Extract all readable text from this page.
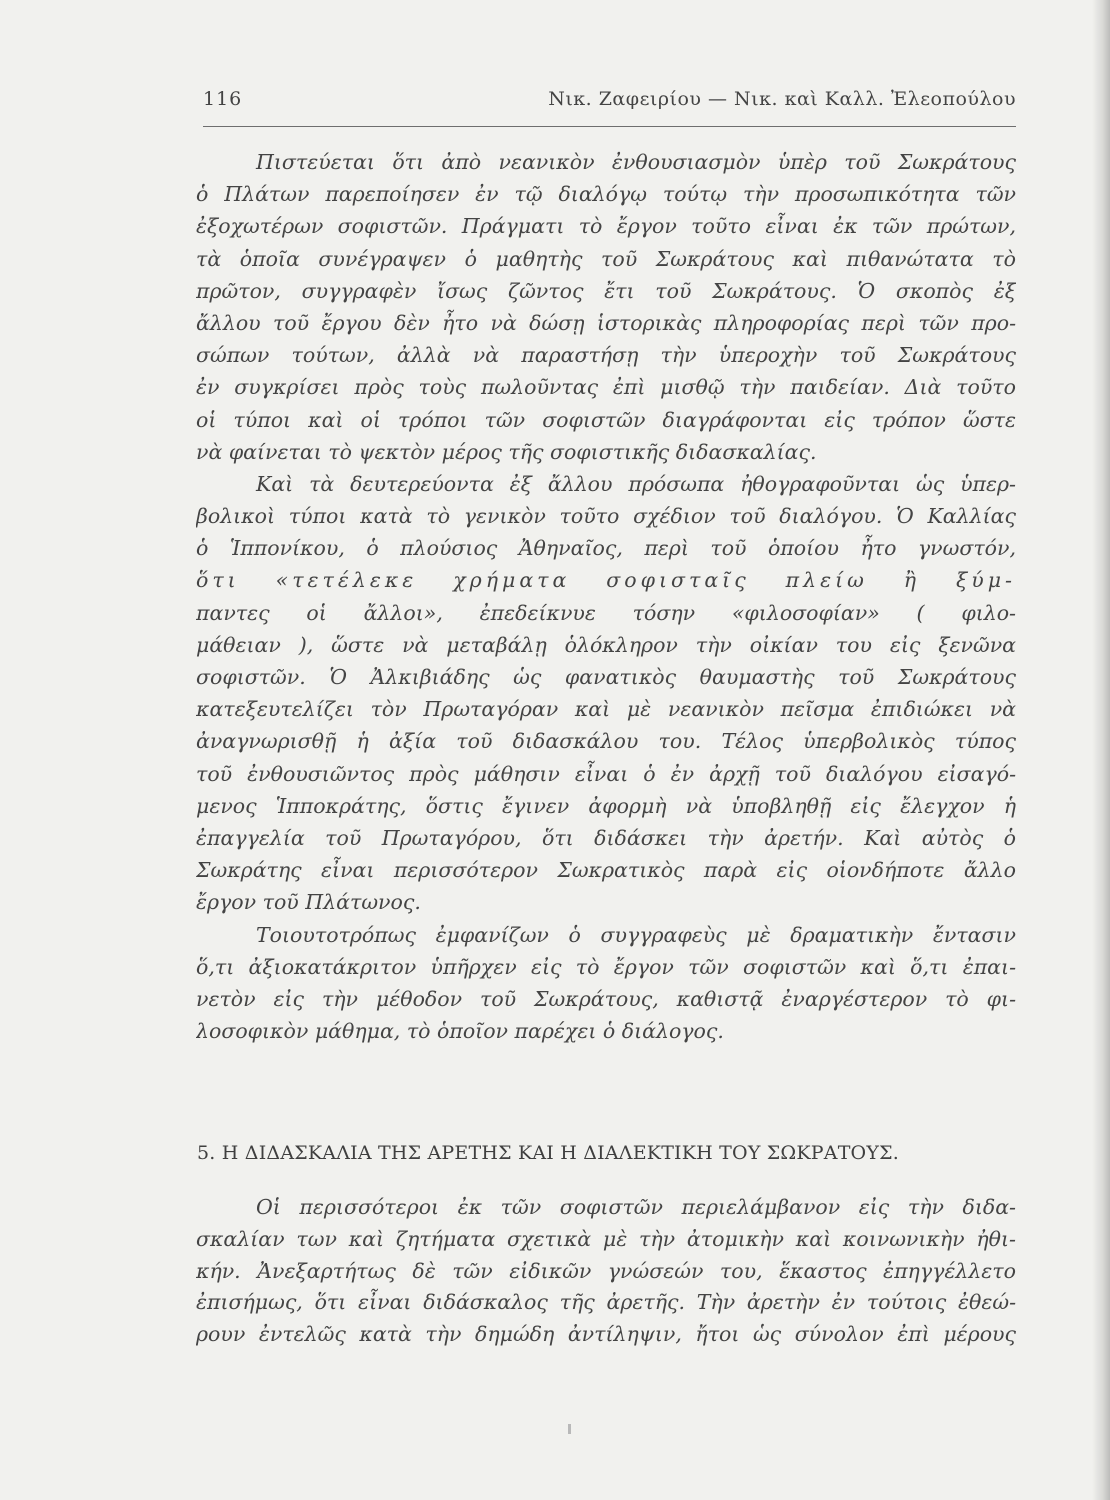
116	Νικ. Ζαφειρίου — Νικ. καὶ Καλλ. Ἐλεοπούλου
Πιστεύεται ὅτι ἀπὸ νεανικὸν ἐνθουσιασμὸν ὑπὲρ τοῦ Σωκράτους
ὁ Πλάτων παρεποίησεν ἐν τῷ διαλόγῳ τούτῳ τὴν προσωπικότητα τῶν
ἐξοχωτέρων σοφιστῶν. Πράγματι τὸ ἔργον τοῦτο εἶναι ἐκ τῶν πρώτων,
τὰ ὁποῖα συνέγραψεν ὁ μαθητὴς τοῦ Σωκράτους καὶ πιθανώτατα τὸ
πρῶτον, συγγραφὲν ἴσως ζῶντος ἔτι τοῦ Σωκράτους. Ὁ σκοπὸς ἐξ
ἄλλου τοῦ ἔργου δὲν ἦτο νὰ δώσῃ ἱστορικὰς πληροφορίας περὶ τῶν προ-
σώπων τούτων, ἀλλὰ νὰ παραστήσῃ τὴν ὑπεροχὴν τοῦ Σωκράτους
ἐν συγκρίσει πρὸς τοὺς πωλοῦντας ἐπὶ μισθῷ τὴν παιδείαν. Διὰ τοῦτο
οἱ τύποι καὶ οἱ τρόποι τῶν σοφιστῶν διαγράφονται εἰς τρόπον ὥστε
νὰ φαίνεται τὸ ψεκτὸν μέρος τῆς σοφιστικῆς διδασκαλίας.
Καὶ τὰ δευτερεύοντα ἐξ ἄλλου πρόσωπα ἠθογραφοῦνται ὡς ὑπερ-
βολικοὶ τύποι κατὰ τὸ γενικὸν τοῦτο σχέδιον τοῦ διαλόγου. Ὁ Καλλίας
ὁ Ἱππονίκου, ὁ πλούσιος Ἀθηναῖος, περὶ τοῦ ὁποίου ἦτο γνωστόν,
ὅτι «τετέλεκε χρήματα σοφισταῖς πλείω ἢ ξύμ-
παντες οἱ ἄλλοι», ἐπεδείκνυε τόσην «φιλοσοφίαν» ( φιλο-
μάθειαν ), ὥστε νὰ μεταβάλῃ ὁλόκληρον τὴν οἰκίαν του εἰς ξενῶνα
σοφιστῶν. Ὁ Ἀλκιβιάδης ὡς φανατικὸς θαυμαστὴς τοῦ Σωκράτους
κατεξευτελίζει τὸν Πρωταγόραν καὶ μὲ νεανικὸν πεῖσμα ἐπιδιώκει νὰ
ἀναγνωρισθῇ ἡ ἀξία τοῦ διδασκάλου του. Τέλος ὑπερβολικὸς τύπος
τοῦ ἐνθουσιῶντος πρὸς μάθησιν εἶναι ὁ ἐν ἀρχῇ τοῦ διαλόγου εἰσαγό-
μενος Ἱπποκράτης, ὅστις ἔγινεν ἀφορμὴ νὰ ὑποβληθῇ εἰς ἔλεγχον ἡ
ἐπαγγελία τοῦ Πρωταγόρου, ὅτι διδάσκει τὴν ἀρετήν. Καὶ αὐτὸς ὁ
Σωκράτης εἶναι περισσότερον Σωκρατικὸς παρὰ εἰς οἱονδήποτε ἄλλο
ἔργον τοῦ Πλάτωνος.
Τοιουτοτρόπως ἐμφανίζων ὁ συγγραφεὺς μὲ δραματικὴν ἔντασιν
ὅ,τι ἀξιοκατάκριτον ὑπῆρχεν εἰς τὸ ἔργον τῶν σοφιστῶν καὶ ὅ,τι ἐπαι-
νετὸν εἰς τὴν μέθοδον τοῦ Σωκράτους, καθιστᾷ ἐναργέστερον τὸ φι-
λοσοφικὸν μάθημα, τὸ ὁποῖον παρέχει ὁ διάλογος.
5. Η ΔΙΔΑΣΚΑΛΙΑ ΤΗΣ ΑΡΕΤΗΣ ΚΑΙ Η ΔΙΑΛΕΚΤΙΚΗ ΤΟΥ ΣΩΚΡΑΤΟΥΣ.
Οἱ περισσότεροι ἐκ τῶν σοφιστῶν περιελάμβανον εἰς τὴν διδα-
σκαλίαν των καὶ ζητήματα σχετικὰ μὲ τὴν ἀτομικὴν καὶ κοινωνικὴν ἠθι-
κήν. Ἀνεξαρτήτως δὲ τῶν εἰδικῶν γνώσεών του, ἕκαστος ἐπηγγέλλετο
ἐπισήμως, ὅτι εἶναι διδάσκαλος τῆς ἀρετῆς. Τὴν ἀρετὴν ἐν τούτοις ἐθεώ-
ρουν ἐντελῶς κατὰ τὴν δημώδη ἀντίληψιν, ἤτοι ὡς σύνολον ἐπὶ μέρους
